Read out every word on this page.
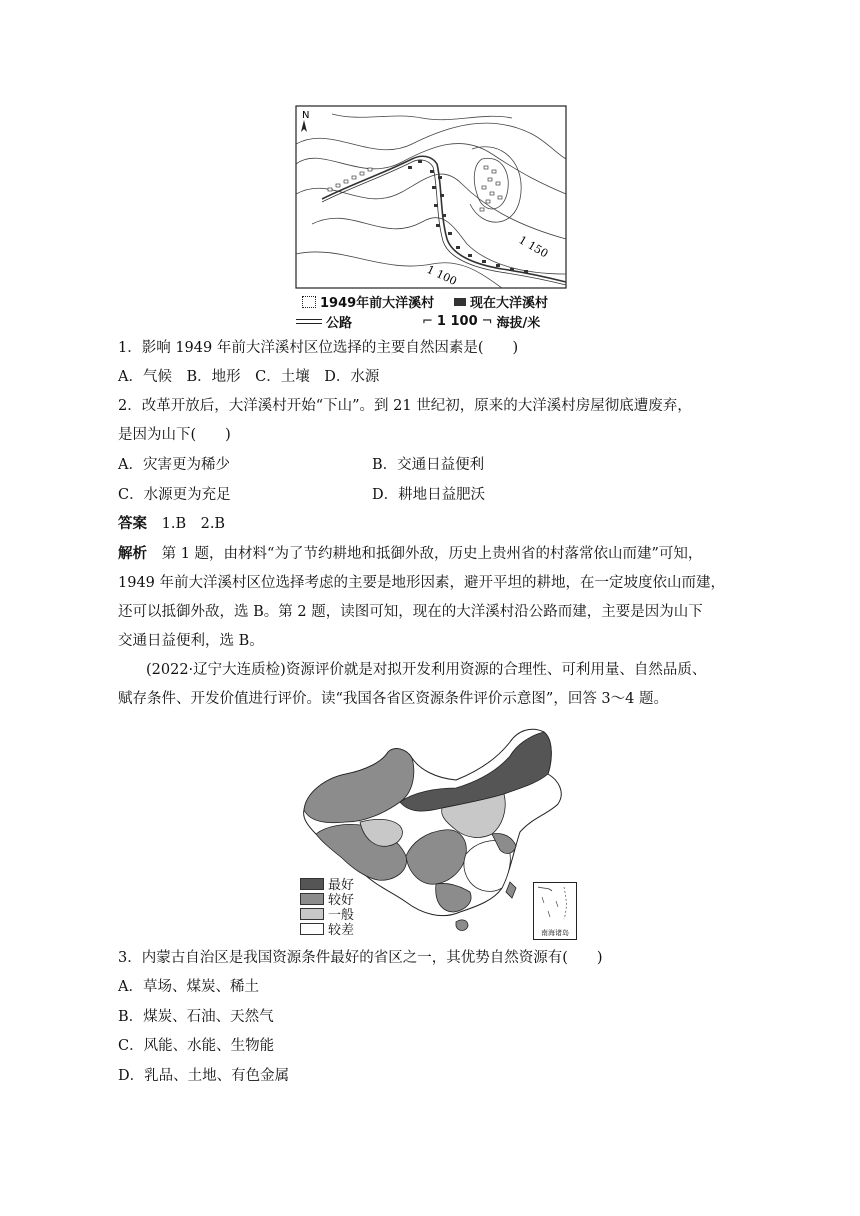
N
1 150
1 100
1949年前大洋溪村	现在大洋溪村
公路	⌐ 1 100 ¬ 海拔/米
1．影响 1949 年前大洋溪村区位选择的主要自然因素是(　　)
A．气候　B．地形　C．土壤　D．水源
2．改革开放后，大洋溪村开始“下山”。到 21 世纪初，原来的大洋溪村房屋彻底遭废弃，
是因为山下(　　)
A．灾害更为稀少	B．交通日益便利
C．水源更为充足	D．耕地日益肥沃
答案 1.B　2.B
解析 第 1 题，由材料“为了节约耕地和抵御外敌，历史上贵州省的村落常依山而建”可知，
1949 年前大洋溪村区位选择考虑的主要是地形因素，避开平坦的耕地，在一定坡度依山而建，
还可以抵御外敌，选 B。第 2 题，读图可知，现在的大洋溪村沿公路而建，主要是因为山下
交通日益便利，选 B。
(2022·辽宁大连质检)资源评价就是对拟开发利用资源的合理性、可利用量、自然品质、
赋存条件、开发价值进行评价。读“我国各省区资源条件评价示意图”，回答 3～4 题。
最好
较好
一般
较差	南海诸岛
3．内蒙古自治区是我国资源条件最好的省区之一，其优势自然资源有(　　)
A．草场、煤炭、稀土
B．煤炭、石油、天然气
C．风能、水能、生物能
D．乳品、土地、有色金属
